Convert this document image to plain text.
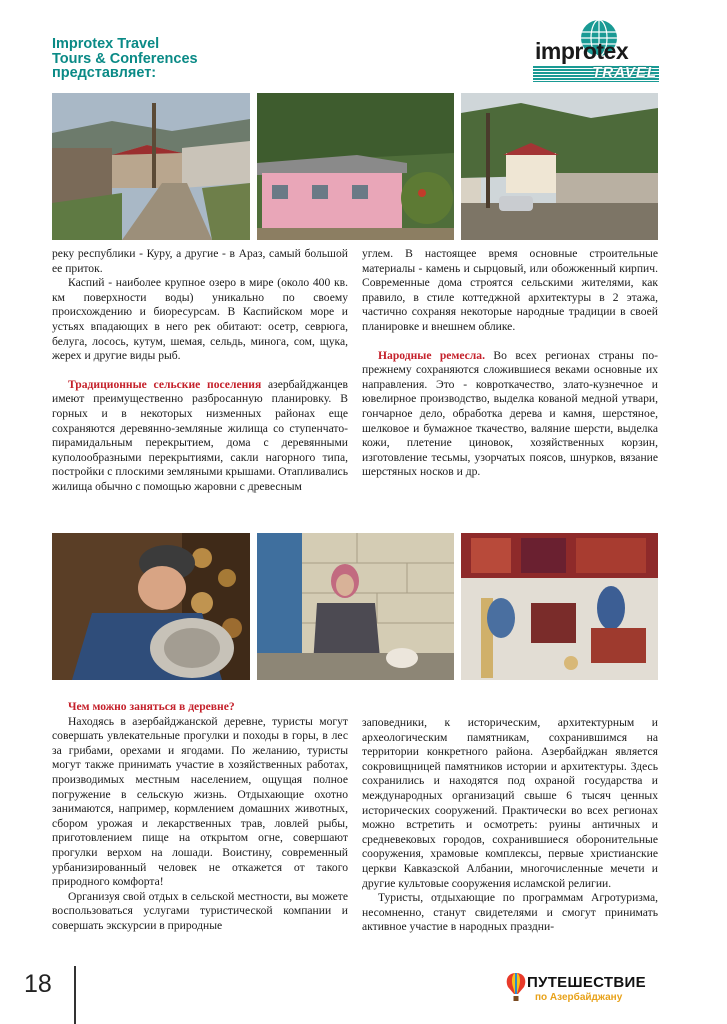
Improtex Travel
Tours & Conferences
представляет:
improtex
TRAVEL

реку республики - Куру, а другие - в Араз, самый большой ее приток.

Каспий - наиболее крупное озеро в мире (около 400 кв. км поверхности воды) уникально по своему происхождению и биоресурсам. В Каспийском море и устьях впадающих в него рек обитают: осетр, севрюга, белуга, лосось, кутум, шемая, сельдь, минога, сом, щука, жерех и другие виды рыб.

Традиционные сельские поселения азербайджанцев имеют преимущественно разбросанную планировку. В горных и в некоторых низменных районах еще сохраняются деревянно-земляные жилища со ступенчато-пирамидальным перекрытием, дома с деревянными куполообразными перекрытиями, сакли нагорного типа, постройки с плоскими земляными крышами. Отапливались жилища обычно с помощью жаровни с древесным

углем. В настоящее время основные строительные материалы - камень и сырцовый, или обожженный кирпич. Современные дома строятся сельскими жителями, как правило, в стиле коттеджной архитектуры в 2 этажа, частично сохраняя некоторые народные традиции в своей планировке и внешнем облике.

Народные ремесла. Во всех регионах страны по-прежнему сохраняются сложившиеся веками основные их направления. Это - ковроткачество, злато-кузнечное и ювелирное производство, выделка кованой медной утвари, гончарное дело, обработка дерева и камня, шерстяное, шелковое и бумажное ткачество, валяние шерсти, выделка кожи, плетение циновок, хозяйственных корзин, изготовление тесьмы, узорчатых поясов, шнурков, вязание шерстяных носков и др.

Чем можно заняться в деревне?

Находясь в азербайджанской деревне, туристы могут совершать увлекательные прогулки и походы в горы, в лес за грибами, орехами и ягодами. По желанию, туристы могут также принимать участие в хозяйственных работах, производимых местным населением, ощущая полное погружение в сельскую жизнь. Отдыхающие охотно занимаются, например, кормлением домашних животных, сбором урожая и лекарственных трав, ловлей рыбы, приготовлением пище на открытом огне, совершают прогулки верхом на лошади. Воистину, современный урбанизированный человек не откажется от такого природного комфорта!

Организуя свой отдых в сельской местности, вы можете воспользоваться услугами туристической компании и совершать экскурсии в природные

заповедники, к историческим, архитектурным и археологическим памятникам, сохранившимся на территории конкретного района. Азербайджан является сокровищницей памятников истории и архитектуры. Здесь сохранились и находятся под охраной государства и международных организаций свыше 6 тысяч ценных исторических сооружений. Практически во всех регионах можно встретить и осмотреть: руины античных и средневековых городов, сохранившиеся оборонительные сооружения, храмовые комплексы, первые христианские церкви Кавказской Албании, многочисленные мечети и другие культовые сооружения исламской религии.

Туристы, отдыхающие по программам Агротуризма, несомненно, станут свидетелями и смогут принимать активное участие в народных праздни-

18	ПУТЕШЕСТВИЕ
по Азербайджану
